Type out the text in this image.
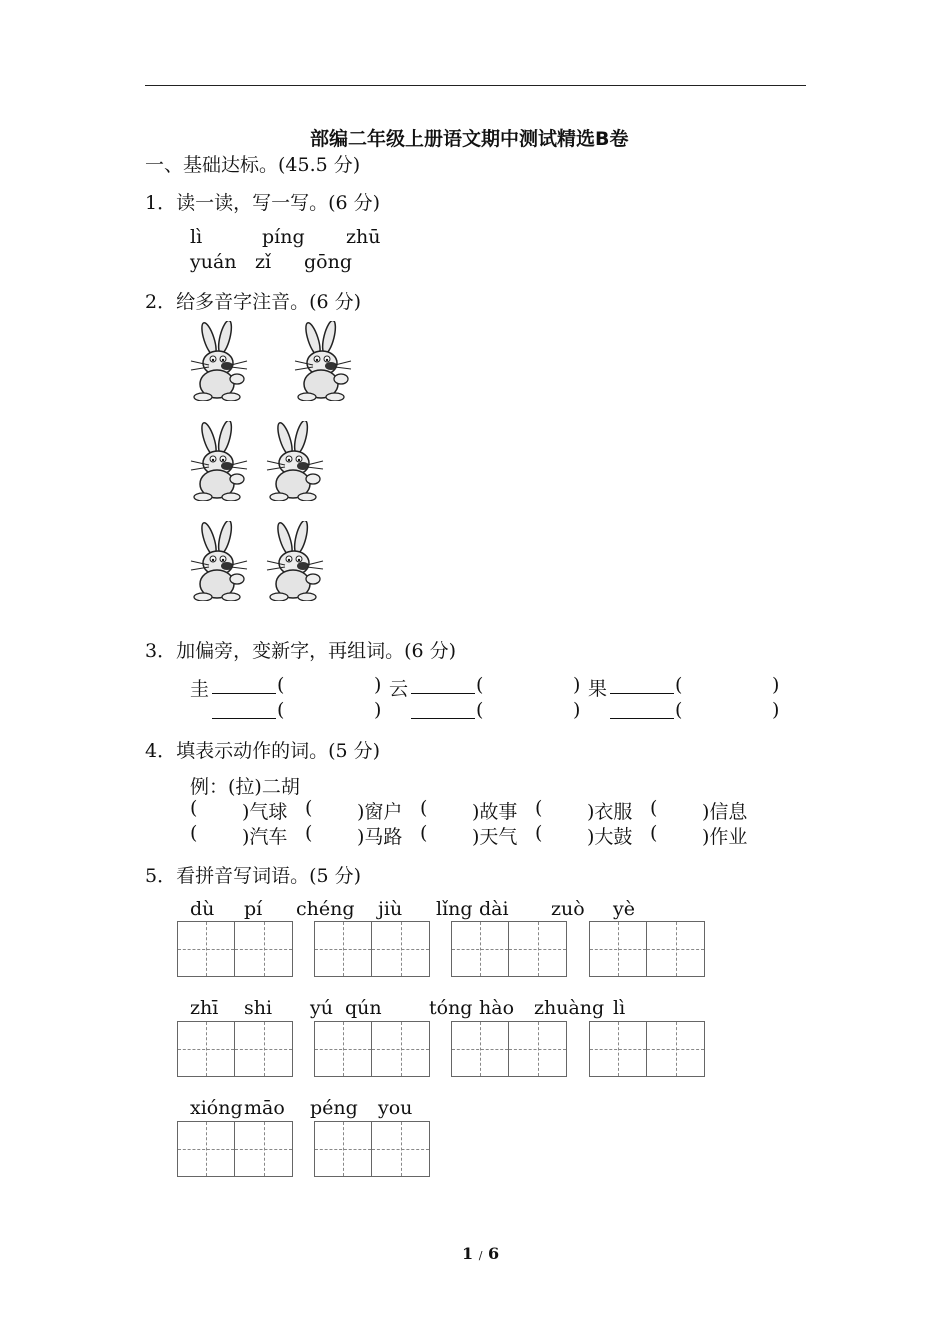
部编二年级上册语文期中测试精选B卷
一、基础达标。(45.5 分)
1．读一读，写一写。(6 分)
lì	píng zhū
yuán zǐ gōng
2．给多音字注音。(6 分)
3．加偏旁，变新字，再组词。(6 分)
圭	(	) 云	(	) 果	(	)
(	)	(	)	(	)
4．填表示动作的词。(5 分)
例：(拉)二胡
( )气球 ( )窗户 ( )故事 ( )衣服 ( )信息
( )汽车 ( )马路 ( )天气 ( )大鼓 ( )作业
5．看拼音写词语。(5 分)
dù pí chéng jiù lǐng dài zuò yè
zhī shi yú qún tóng hào zhuàng lì
xióng māo péng you
1 / 6
